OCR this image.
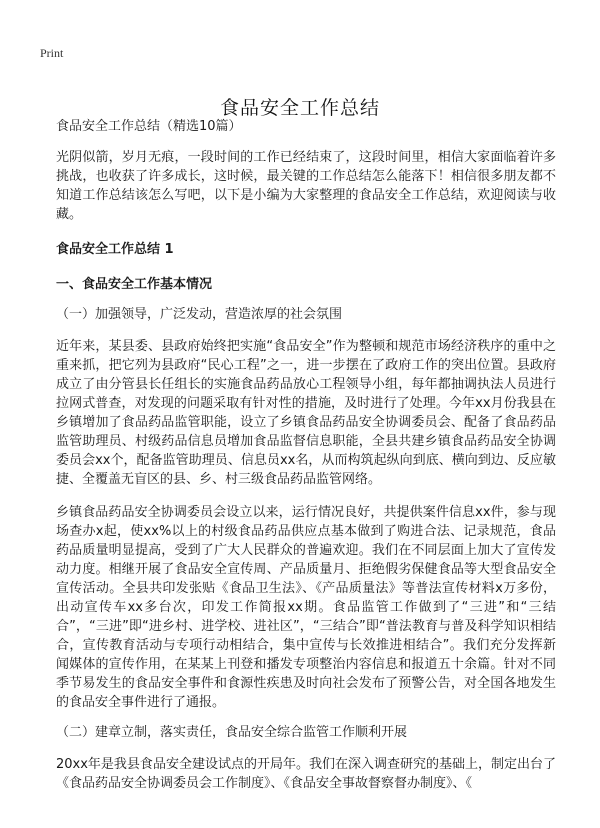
Print
食品安全工作总结

食品安全工作总结（精选10篇）

光阴似箭，岁月无痕，一段时间的工作已经结束了，这段时间里，相信大家面临着许多挑战，也收获了许多成长，这时候，最关键的工作总结怎么能落下！相信很多朋友都不知道工作总结该怎么写吧，以下是小编为大家整理的食品安全工作总结，欢迎阅读与收藏。

食品安全工作总结 1

一、食品安全工作基本情况

（一）加强领导，广泛发动，营造浓厚的社会氛围

近年来，某县委、县政府始终把实施“食品安全”作为整顿和规范市场经济秩序的重中之重来抓，把它列为县政府“民心工程”之一，进一步摆在了政府工作的突出位置。县政府成立了由分管县长任组长的实施食品药品放心工程领导小组，每年都抽调执法人员进行拉网式普查，对发现的问题采取有针对性的措施，及时进行了处理。今年xx月份我县在乡镇增加了食品药品监管职能，设立了乡镇食品药品安全协调委员会、配备了食品药品监管助理员、村级药品信息员增加食品监督信息职能，全县共建乡镇食品药品安全协调委员会xx个，配备监管助理员、信息员xx名，从而构筑起纵向到底、横向到边、反应敏捷、全覆盖无盲区的县、乡、村三级食品药品监管网络。

乡镇食品药品安全协调委员会设立以来，运行情况良好，共提供案件信息xx件，参与现场查办x起，使xx%以上的村级食品药品供应点基本做到了购进合法、记录规范，食品药品质量明显提高，受到了广大人民群众的普遍欢迎。我们在不同层面上加大了宣传发动力度。相继开展了食品安全宣传周、产品质量月、拒绝假劣保健食品等大型食品安全宣传活动。全县共印发张贴《食品卫生法》、《产品质量法》等普法宣传材料x万多份，出动宣传车xx多台次，印发工作简报xx期。食品监管工作做到了“三进”和“三结合”，“三进”即“进乡村、进学校、进社区”，“三结合”即“普法教育与普及科学知识相结合，宣传教育活动与专项行动相结合，集中宣传与长效推进相结合”。我们充分发挥新闻媒体的宣传作用，在某某上刊登和播发专项整治内容信息和报道五十余篇。针对不同季节易发生的食品安全事件和食源性疾患及时向社会发布了预警公告，对全国各地发生的食品安全事件进行了通报。

（二）建章立制，落实责任，食品安全综合监管工作顺利开展

20xx年是我县食品安全建设试点的开局年。我们在深入调查研究的基础上，制定出台了《食品药品安全协调委员会工作制度》、《食品安全事故督察督办制度》、《
